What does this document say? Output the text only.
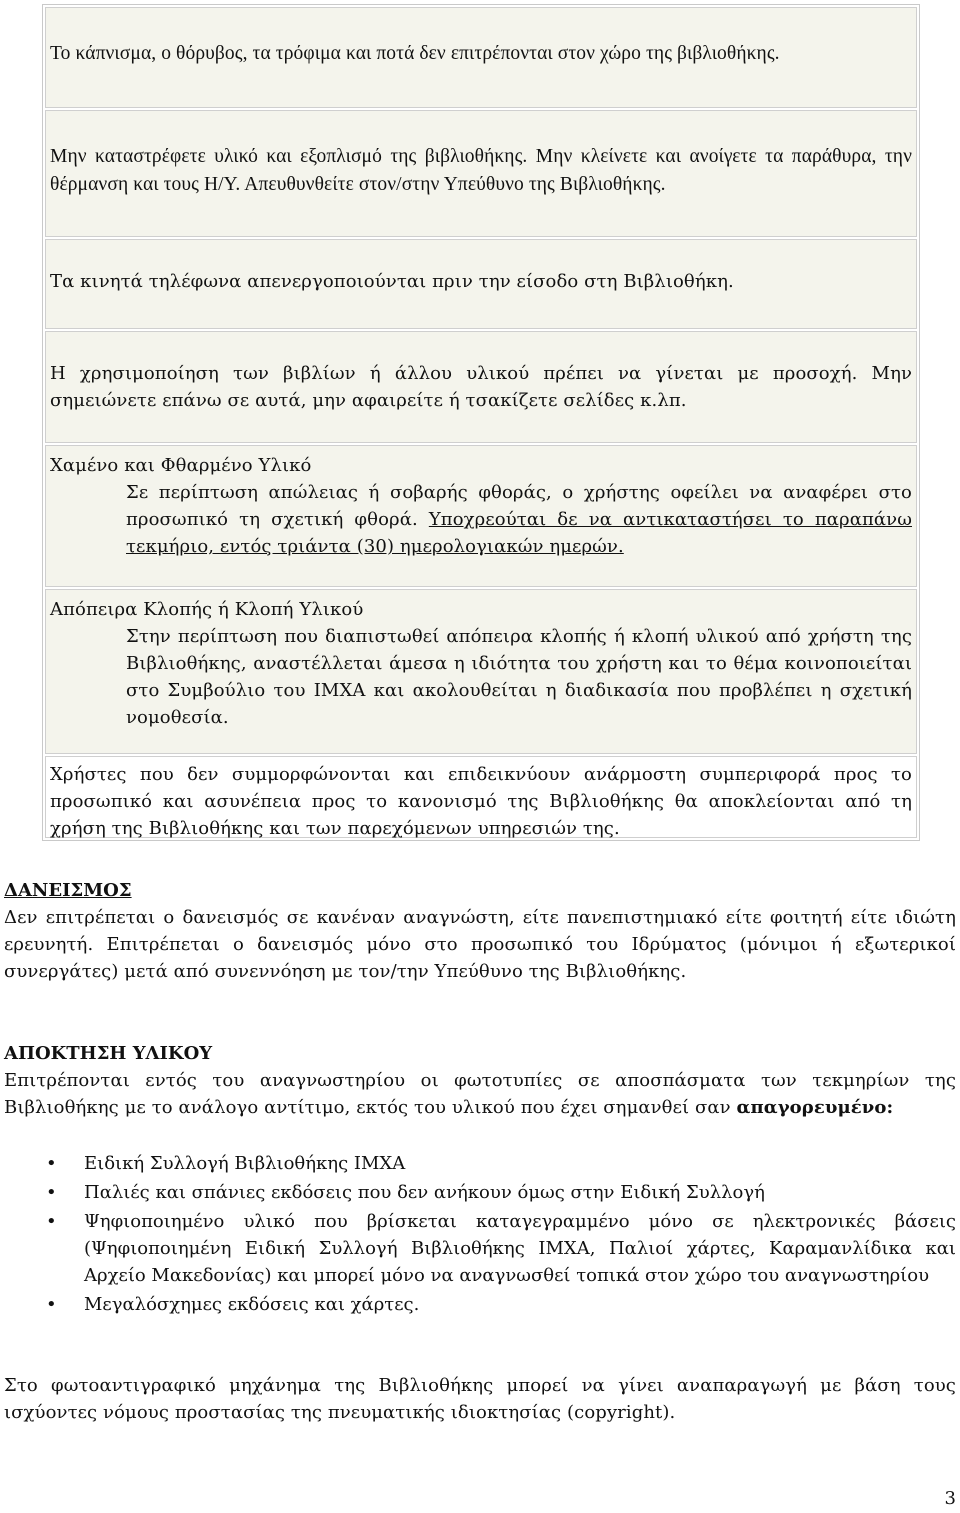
Το κάπνισμα, ο θόρυβος, τα τρόφιμα και ποτά δεν επιτρέπονται στον χώρο της βιβλιοθήκης.

Μην καταστρέφετε υλικό και εξοπλισμό της βιβλιοθήκης. Μην κλείνετε και ανοίγετε τα παράθυρα, την θέρμανση και τους Η/Υ. Απευθυνθείτε στον/στην Υπεύθυνο της Βιβλιοθήκης.

Τα κινητά τηλέφωνα απενεργοποιούνται πριν την είσοδο στη Βιβλιοθήκη.

Η χρησιμοποίηση των βιβλίων ή άλλου υλικού πρέπει να γίνεται με προσοχή. Μην σημειώνετε επάνω σε αυτά, μην αφαιρείτε ή τσακίζετε σελίδες κ.λπ.

Χαμένο και Φθαρμένο Υλικό

Σε περίπτωση απώλειας ή σοβαρής φθοράς, ο χρήστης οφείλει να αναφέρει στο προσωπικό τη σχετική φθορά. Υποχρεούται δε να αντικαταστήσει το παραπάνω τεκμήριο, εντός τριάντα (30) ημερολογιακών ημερών.

Απόπειρα Κλοπής ή Κλοπή Υλικού

Στην περίπτωση που διαπιστωθεί απόπειρα κλοπής ή κλοπή υλικού από χρήστη της Βιβλιοθήκης, αναστέλλεται άμεσα η ιδιότητα του χρήστη και το θέμα κοινοποιείται στο Συμβούλιο του ΙΜΧΑ και ακολουθείται η διαδικασία που προβλέπει η σχετική νομοθεσία.

Χρήστες που δεν συμμορφώνονται και επιδεικνύουν ανάρμοστη συμπεριφορά προς το προσωπικό και ασυνέπεια προς το κανονισμό της Βιβλιοθήκης θα αποκλείονται από τη χρήση της Βιβλιοθήκης και των παρεχόμενων υπηρεσιών της.

ΔΑΝΕΙΣΜΟΣ

Δεν επιτρέπεται ο δανεισμός σε κανέναν αναγνώστη, είτε πανεπιστημιακό είτε φοιτητή είτε ιδιώτη ερευνητή. Επιτρέπεται ο δανεισμός μόνο στο προσωπικό του Ιδρύματος (μόνιμοι ή εξωτερικοί συνεργάτες) μετά από συνεννόηση με τον/την Υπεύθυνο της Βιβλιοθήκης.

ΑΠΟΚΤΗΣΗ ΥΛΙΚΟΥ

Επιτρέπονται εντός του αναγνωστηρίου οι φωτοτυπίες σε αποσπάσματα των τεκμηρίων της Βιβλιοθήκης με το ανάλογο αντίτιμο, εκτός του υλικού που έχει σημανθεί σαν απαγορευμένο:

• Ειδική Συλλογή Βιβλιοθήκης ΙΜΧΑ
• Παλιές και σπάνιες εκδόσεις που δεν ανήκουν όμως στην Ειδική Συλλογή
• Ψηφιοποιημένο υλικό που βρίσκεται καταγεγραμμένο μόνο σε ηλεκτρονικές βάσεις (Ψηφιοποιημένη Ειδική Συλλογή Βιβλιοθήκης ΙΜΧΑ, Παλιοί χάρτες, Καραμανλίδικα και Αρχείο Μακεδονίας) και μπορεί μόνο να αναγνωσθεί τοπικά στον χώρο του αναγνωστηρίου
• Μεγαλόσχημες εκδόσεις και χάρτες.

Στο φωτοαντιγραφικό μηχάνημα της Βιβλιοθήκης μπορεί να γίνει αναπαραγωγή με βάση τους ισχύοντες νόμους προστασίας της πνευματικής ιδιοκτησίας (copyright).

3
